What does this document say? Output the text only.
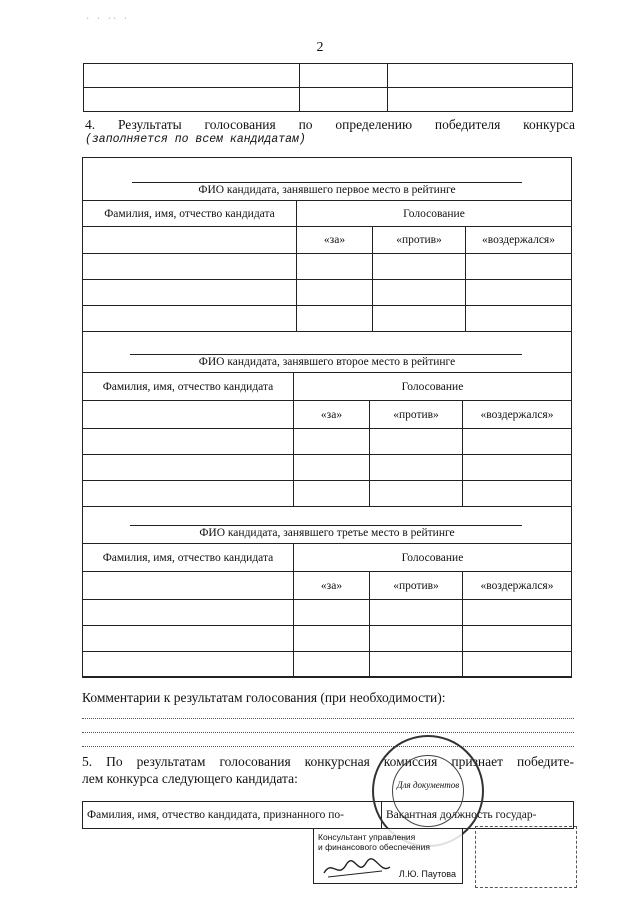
· · ·· ·
2

4. Результаты голосования по определению победителя конкурса
(заполняется по всем кандидатам)
ФИО кандидата, занявшего первое место в рейтинге
Фамилия, имя, отчество кандидата	Голосование		
	«за»	«против»	«воздержался»

ФИО кандидата, занявшего второе место в рейтинге
Фамилия, имя, отчество кандидата	Голосование		
	«за»	«против»	«воздержался»

ФИО кандидата, занявшего третье место в рейтинге
Фамилия, имя, отчество кандидата	Голосование		
	«за»	«против»	«воздержался»

Комментарии к результатам голосования (при необходимости):
5. По результатам голосования конкурсная комиссия признает победите-
лем конкурса следующего кандидата:
Фамилия, имя, отчество кандидата, признанного по-	Вакантная должность государ-
Для документов
Консультант управления
и финансового обеспечения
Л.Ю. Паутова
